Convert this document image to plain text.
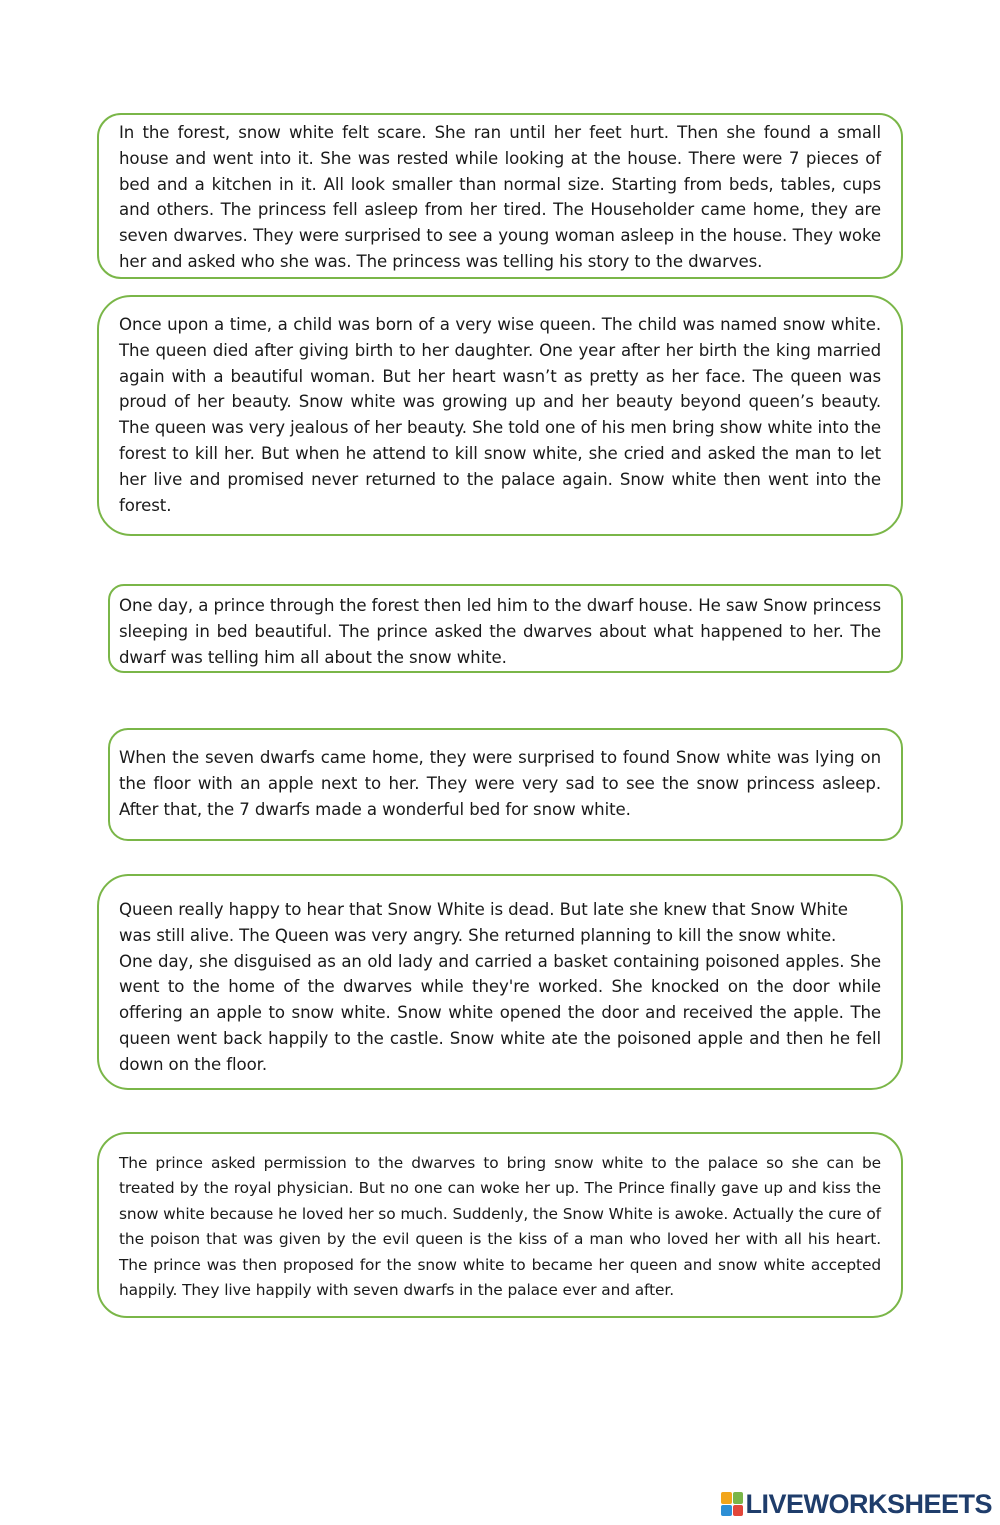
In the forest, snow white felt scare. She ran until her feet hurt. Then she found a small house and went into it. She was rested while looking at the house. There were 7 pieces of bed and a kitchen in it. All look smaller than normal size. Starting from beds, tables, cups and others. The princess fell asleep from her tired. The Householder came home, they are seven dwarves. They were surprised to see a young woman asleep in the house. They woke her and asked who she was. The princess was telling his story to the dwarves.

Once upon a time, a child was born of a very wise queen. The child was named snow white. The queen died after giving birth to her daughter. One year after her birth the king married again with a beautiful woman. But her heart wasn’t as pretty as her face. The queen was proud of her beauty. Snow white was growing up and her beauty beyond queen’s beauty. The queen was very jealous of her beauty. She told one of his men bring show white into the forest to kill her. But when he attend to kill snow white, she cried and asked the man to let her live and promised never returned to the palace again. Snow white then went into the forest.

One day, a prince through the forest then led him to the dwarf house. He saw Snow princess sleeping in bed beautiful. The prince asked the dwarves about what happened to her. The dwarf was telling him all about the snow white.

When the seven dwarfs came home, they were surprised to found Snow white was lying on the floor with an apple next to her. They were very sad to see the snow princess asleep. After that, the 7 dwarfs made a wonderful bed for snow white.

Queen really happy to hear that Snow White is dead. But late she knew that Snow White was still alive. The Queen was very angry. She returned planning to kill the snow white.

One day, she disguised as an old lady and carried a basket containing poisoned apples. She went to the home of the dwarves while they're worked. She knocked on the door while offering an apple to snow white. Snow white opened the door and received the apple. The queen went back happily to the castle. Snow white ate the poisoned apple and then he fell down on the floor.

The prince asked permission to the dwarves to bring snow white to the palace so she can be treated by the royal physician. But no one can woke her up. The Prince finally gave up and kiss the snow white because he loved her so much. Suddenly, the Snow White is awoke. Actually the cure of the poison that was given by the evil queen is the kiss of a man who loved her with all his heart. The prince was then proposed for the snow white to became her queen and snow white accepted happily. They live happily with seven dwarfs in the palace ever and after.

LIVEWORKSHEETS
